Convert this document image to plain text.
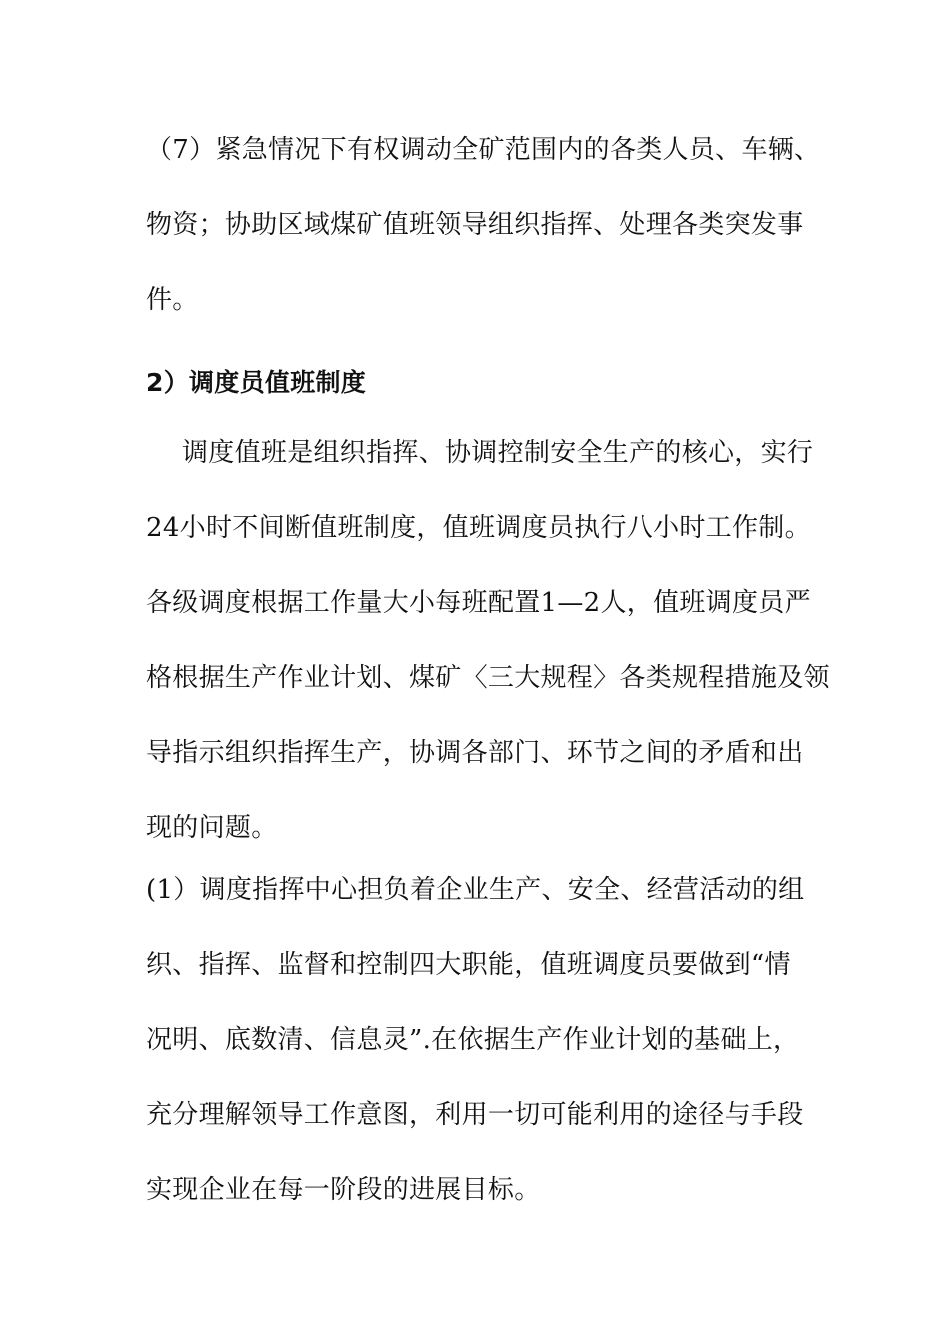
（7）紧急情况下有权调动全矿范围内的各类人员、车辆、
物资；协助区域煤矿值班领导组织指挥、处理各类突发事
件。
2）调度员值班制度
调度值班是组织指挥、协调控制安全生产的核心，实行
24小时不间断值班制度，值班调度员执行八小时工作制。
各级调度根据工作量大小每班配置1—2人，值班调度员严
格根据生产作业计划、煤矿〈三大规程〉各类规程措施及领
导指示组织指挥生产，协调各部门、环节之间的矛盾和出
现的问题。
(1）调度指挥中心担负着企业生产、安全、经营活动的组
织、指挥、监督和控制四大职能，值班调度员要做到“情
况明、底数清、信息灵”.在依据生产作业计划的基础上，
充分理解领导工作意图，利用一切可能利用的途径与手段
实现企业在每一阶段的进展目标。
